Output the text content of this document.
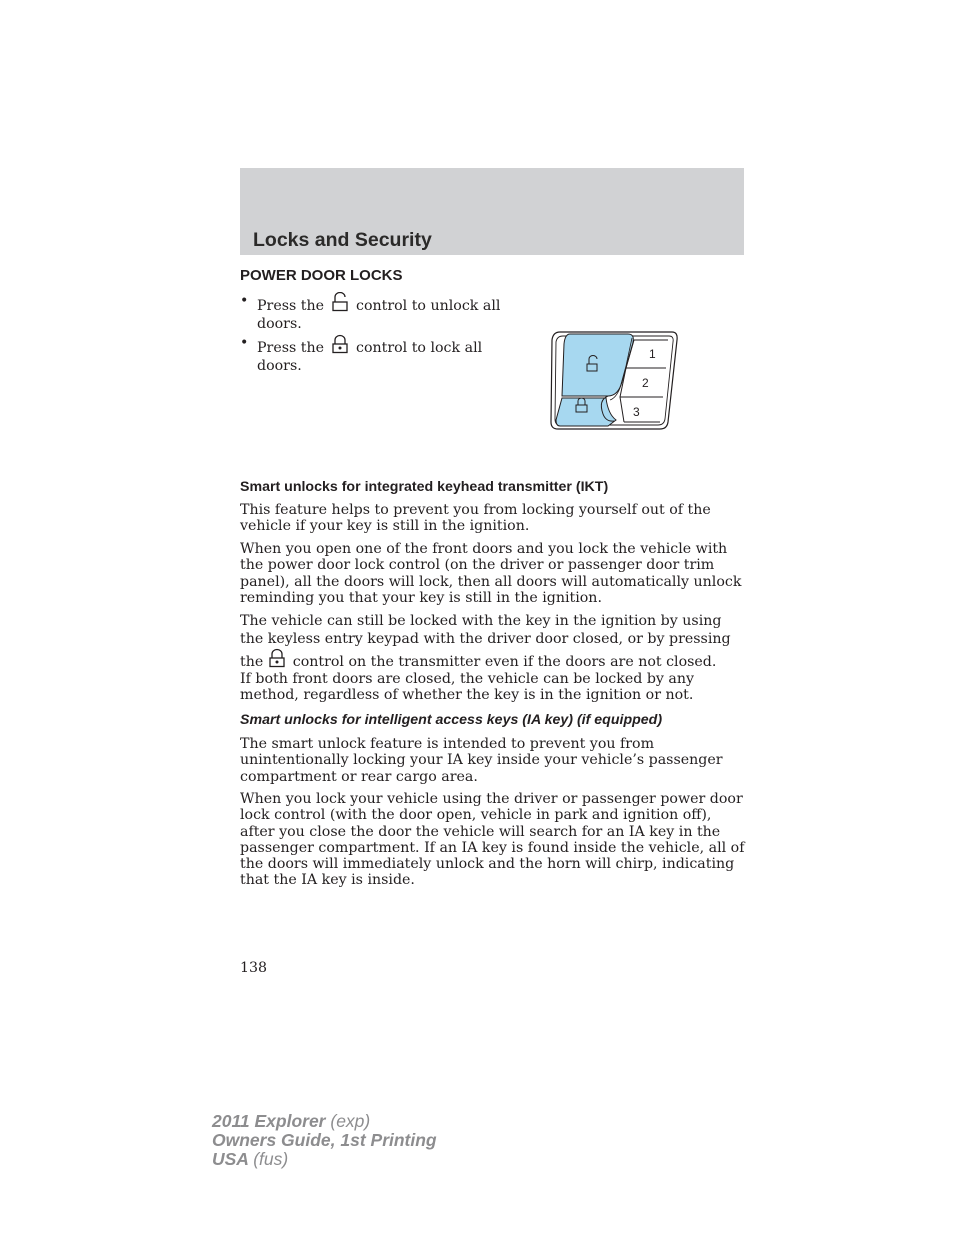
Locks and Security
POWER DOOR LOCKS
• Press the control to unlock all doors.
• Press the control to lock all doors.
1
2
3
Smart unlocks for integrated keyhead transmitter (IKT)

This feature helps to prevent you from locking yourself out of the vehicle if your key is still in the ignition.

When you open one of the front doors and you lock the vehicle with the power door lock control (on the driver or passenger door trim panel), all the doors will lock, then all doors will automatically unlock reminding you that your key is still in the ignition.

The vehicle can still be locked with the key in the ignition by using the keyless entry keypad with the driver door closed, or by pressing the control on the transmitter even if the doors are not closed.

If both front doors are closed, the vehicle can be locked by any method, regardless of whether the key is in the ignition or not.

Smart unlocks for intelligent access keys (IA key) (if equipped)

The smart unlock feature is intended to prevent you from unintentionally locking your IA key inside your vehicle’s passenger compartment or rear cargo area.

When you lock your vehicle using the driver or passenger power door lock control (with the door open, vehicle in park and ignition off), after you close the door the vehicle will search for an IA key in the passenger compartment. If an IA key is found inside the vehicle, all of the doors will immediately unlock and the horn will chirp, indicating that the IA key is inside.

138
2011 Explorer (exp)
Owners Guide, 1st Printing
USA (fus)
